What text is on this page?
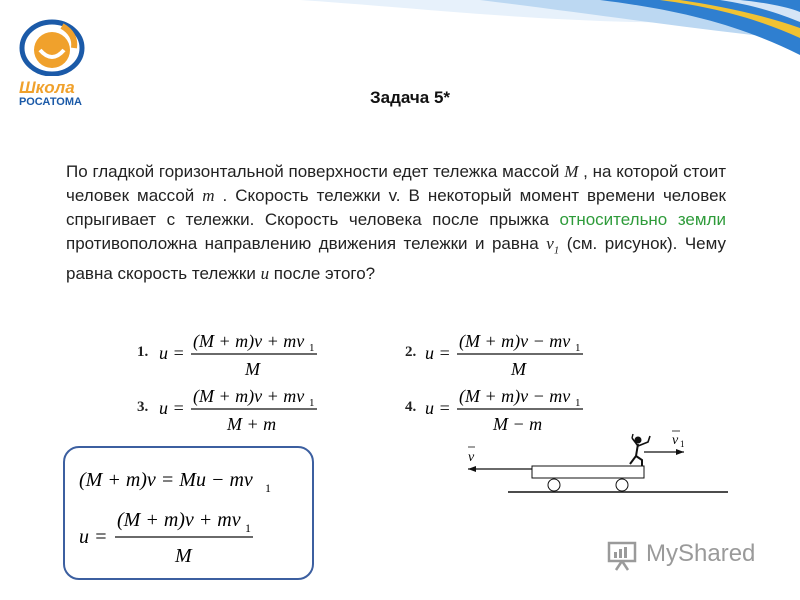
Школа
РОСАТОМА	Задача 5*
По гладкой горизонтальной поверхности едет тележка массой M , на которой стоит человек массой m . Скорость тележки v. В некоторый момент времени человек спрыгивает с тележки. Скорость человека после прыжка относительно земли противоположна направлению движения тележки и равна $v_1$ (см. рисунок). Чему равна скорость тележки u после этого?
1. u =
(M + m)v + mv 1
M
2. u =
(M + m)v − mv 1
M
3. u =
(M + m)v + mv 1
M + m
4. u =
(M + m)v − mv 1
M − m
(M + m)v = Mu − mv 1
u =
(M + m)v + mv 1
M
v
v 1
MyShared
